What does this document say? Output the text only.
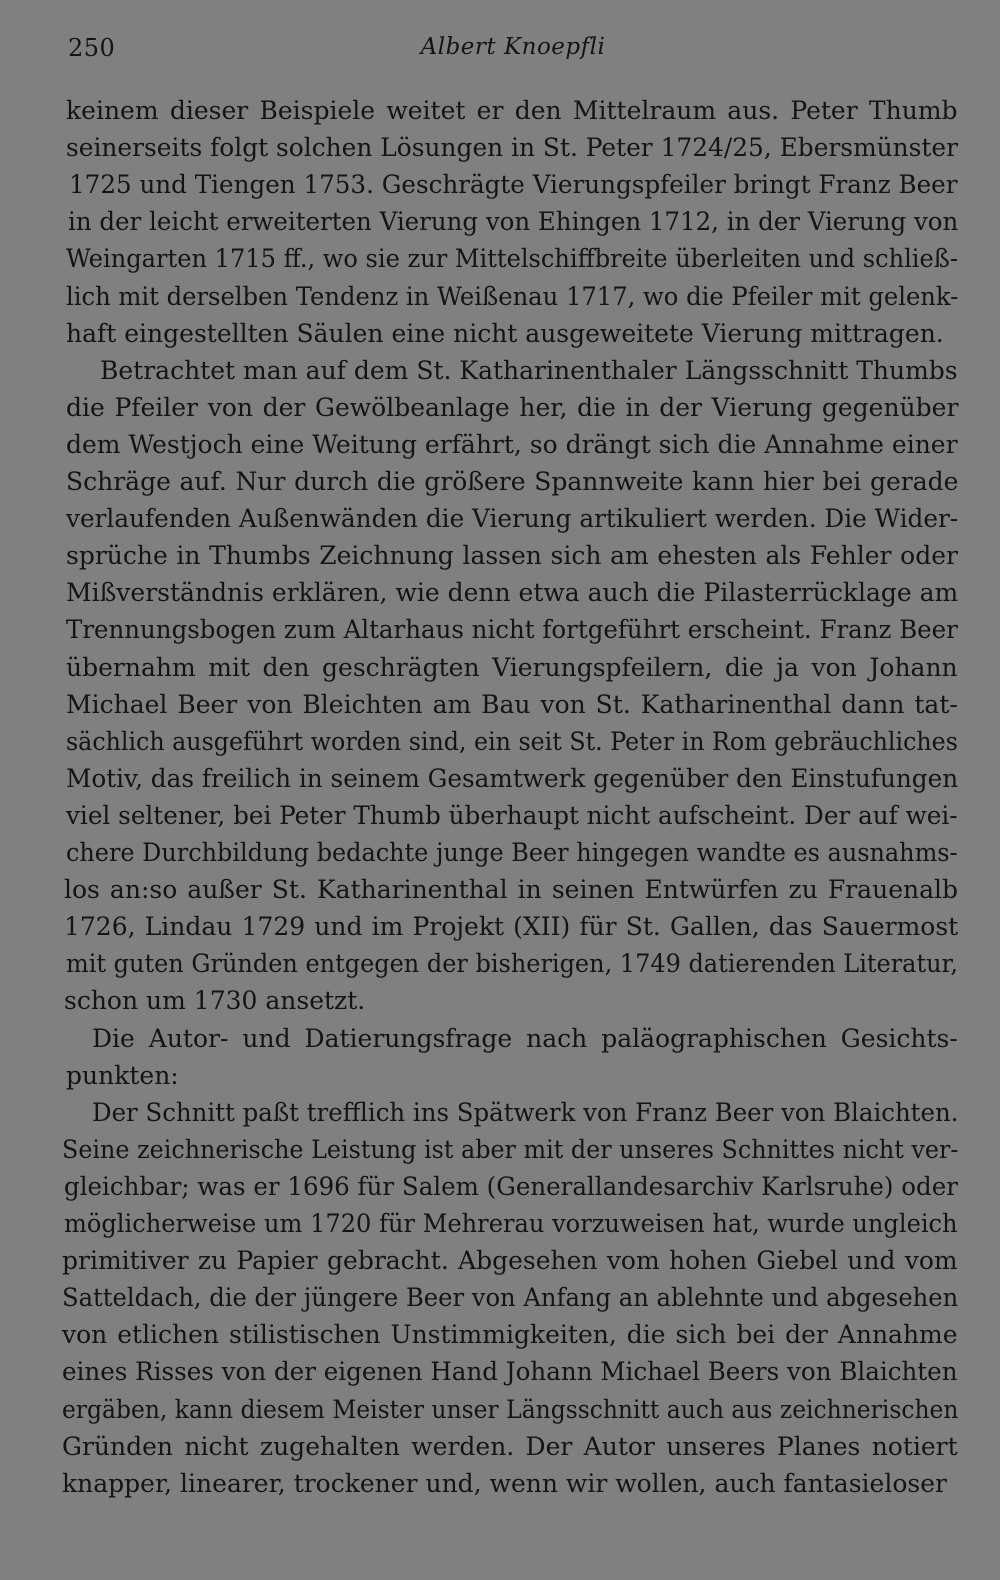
250	Albert Knoepfli
keinem dieser Beispiele weitet er den Mittelraum aus. Peter Thumb
seinerseits folgt solchen Lösungen in St. Peter 1724/25, Ebersmünster
1725 und Tiengen 1753. Geschrägte Vierungspfeiler bringt Franz Beer
in der leicht erweiterten Vierung von Ehingen 1712, in der Vierung von
Weingarten 1715 ff., wo sie zur Mittelschiffbreite überleiten und schließ-
lich mit derselben Tendenz in Weißenau 1717, wo die Pfeiler mit gelenk-
haft eingestellten Säulen eine nicht ausgeweitete Vierung mittragen.
Betrachtet man auf dem St. Katharinenthaler Längsschnitt Thumbs
die Pfeiler von der Gewölbeanlage her, die in der Vierung gegenüber
dem Westjoch eine Weitung erfährt, so drängt sich die Annahme einer
Schräge auf. Nur durch die größere Spannweite kann hier bei gerade
verlaufenden Außenwänden die Vierung artikuliert werden. Die Wider-
sprüche in Thumbs Zeichnung lassen sich am ehesten als Fehler oder
Mißverständnis erklären, wie denn etwa auch die Pilasterrücklage am
Trennungsbogen zum Altarhaus nicht fortgeführt erscheint. Franz Beer
übernahm mit den geschrägten Vierungspfeilern, die ja von Johann
Michael Beer von Bleichten am Bau von St. Katharinenthal dann tat-
sächlich ausgeführt worden sind, ein seit St. Peter in Rom gebräuchliches
Motiv, das freilich in seinem Gesamtwerk gegenüber den Einstufungen
viel seltener, bei Peter Thumb überhaupt nicht aufscheint. Der auf wei-
chere Durchbildung bedachte junge Beer hingegen wandte es ausnahms-
los an:so außer St. Katharinenthal in seinen Entwürfen zu Frauenalb
1726, Lindau 1729 und im Projekt (XII) für St. Gallen, das Sauermost
mit guten Gründen entgegen der bisherigen, 1749 datierenden Literatur,
schon um 1730 ansetzt.
Die Autor- und Datierungsfrage nach paläographischen Gesichts-
punkten:
Der Schnitt paßt trefflich ins Spätwerk von Franz Beer von Blaichten.
Seine zeichnerische Leistung ist aber mit der unseres Schnittes nicht ver-
gleichbar; was er 1696 für Salem (Generallandesarchiv Karlsruhe) oder
möglicherweise um 1720 für Mehrerau vorzuweisen hat, wurde ungleich
primitiver zu Papier gebracht. Abgesehen vom hohen Giebel und vom
Satteldach, die der jüngere Beer von Anfang an ablehnte und abgesehen
von etlichen stilistischen Unstimmigkeiten, die sich bei der Annahme
eines Risses von der eigenen Hand Johann Michael Beers von Blaichten
ergäben, kann diesem Meister unser Längsschnitt auch aus zeichnerischen
Gründen nicht zugehalten werden. Der Autor unseres Planes notiert
knapper, linearer, trockener und, wenn wir wollen, auch fantasieloser
